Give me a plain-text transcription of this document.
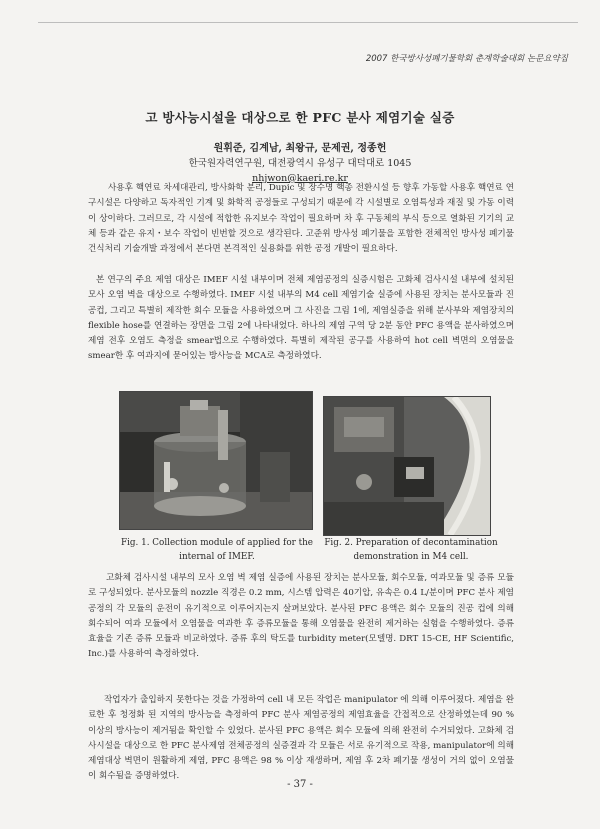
2007 한국방사성폐기물학회 춘계학술대회 논문요약집
고 방사능시설을 대상으로 한 PFC 분사 제염기술 실증
원휘준, 김계남, 최왕규, 문제권, 정종헌
한국원자력연구원, 대전광역시 유성구 대덕대로 1045
nhjwon@kaeri.re.kr

사용후 핵연료 차세대관리, 방사화학 분리, Dupic 및 장수명 핵종 전환시설 등 향후 가동할 사용후 핵연료 연구시설은 다양하고 독자적인 기계 및 화학적 공정들로 구성되기 때문에 각 시설별로 오염특성과 재질 및 가동 이력이 상이하다. 그러므로, 각 시설에 적합한 유지보수 작업이 필요하며 차 후 구동체의 부식 등으로 열화된 기기의 교체 등과 같은 유지・보수 작업이 빈번할 것으로 생각된다. 고준위 방사성 폐기물을 포함한 전체적인 방사성 폐기물 건식처리 기술개발 과정에서 본다면 본격적인 실용화를 위한 공정 개발이 필요하다.

본 연구의 주요 제염 대상은 IMEF 시설 내부이며 전체 제염공정의 실증시험은 고화체 검사시설 내부에 설치된 모사 오염 벽을 대상으로 수행하였다. IMEF 시설 내부의 M4 cell 제염기술 실증에 사용된 장치는 분사모듈과 진공컵, 그리고 특별히 제작한 회수 모듈을 사용하였으며 그 사진을 그림 1에, 제염실증을 위해 분사부와 제염장치의 flexible hose를 연결하는 장면을 그림 2에 나타내었다. 하나의 제염 구역 당 2분 동안 PFC 용액을 분사하였으며 제염 전후 오염도 측정을 smear법으로 수행하였다. 특별히 제작된 공구를 사용하여 hot cell 벽면의 오염물을 smear한 후 여과지에 묻어있는 방사능을 MCA로 측정하였다.

Fig. 1. Collection module of applied for the internal of IMEF.
Fig. 2. Preparation of decontamination demonstration in M4 cell.

고화체 검사시설 내부의 모사 오염 벽 제염 실증에 사용된 장치는 분사모듈, 회수모듈, 여과모듈 및 증류 모듈로 구성되었다. 분사모듈의 nozzle 직경은 0.2 mm, 시스템 압력은 40기압, 유속은 0.4 L/분이며 PFC 분사 제염공정의 각 모듈의 운전이 유기적으로 이루어지는지 살펴보았다. 분사된 PFC 용액은 회수 모듈의 진공 컵에 의해 회수되어 여과 모듈에서 오염물을 여과한 후 증류모듈을 통해 오염물을 완전히 제거하는 실험을 수행하였다. 증류 효율을 기존 증류 모듈과 비교하였다. 증류 후의 탁도를 turbidity meter(모델명. DRT 15-CE, HF Scientific, Inc.)를 사용하여 측정하였다.

작업자가 출입하지 못한다는 것을 가정하여 cell 내 모든 작업은 manipulator 에 의해 이루어졌다. 제염을 완료한 후 청정화 된 지역의 방사능을 측정하여 PFC 분사 제염공정의 제염효율을 간접적으로 산정하였는데 90 % 이상의 방사능이 제거됨을 확인할 수 있었다. 분사된 PFC 용액은 회수 모듈에 의해 완전히 수거되었다. 고화체 검사시설을 대상으로 한 PFC 분사제염 전체공정의 실증결과 각 모듈은 서로 유기적으로 작용, manipulator에 의해 제염대상 벽면이 원활하게 제염, PFC 용액은 98 % 이상 재생하며, 제염 후 2차 폐기물 생성이 거의 없이 오염물이 회수됨을 증명하였다.

- 37 -
